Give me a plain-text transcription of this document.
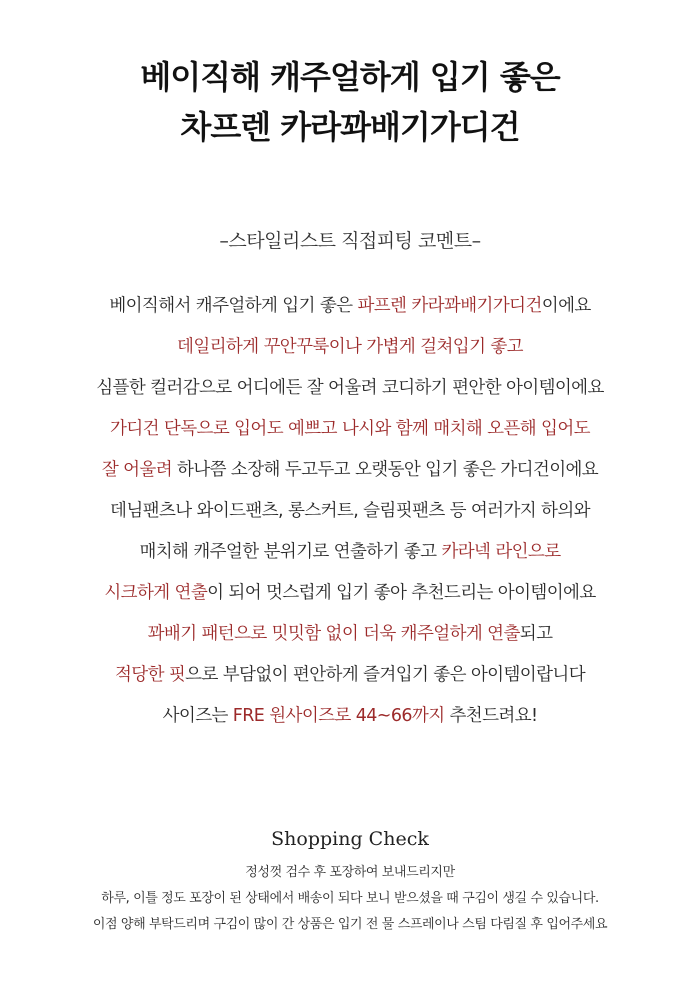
베이직해 캐주얼하게 입기 좋은
차프렌 카라꽈배기가디건
–스타일리스트 직접피팅 코멘트–
베이직해서 캐주얼하게 입기 좋은 파프렌 카라꽈배기가디건이에요
데일리하게 꾸안꾸룩이나 가볍게 걸쳐입기 좋고
심플한 컬러감으로 어디에든 잘 어울려 코디하기 편안한 아이템이에요
가디건 단독으로 입어도 예쁘고 나시와 함께 매치해 오픈해 입어도
잘 어울려 하나쯤 소장해 두고두고 오랫동안 입기 좋은 가디건이에요
데님팬츠나 와이드팬츠, 롱스커트, 슬림핏팬츠 등 여러가지 하의와
매치해 캐주얼한 분위기로 연출하기 좋고 카라넥 라인으로
시크하게 연출이 되어 멋스럽게 입기 좋아 추천드리는 아이템이에요
꽈배기 패턴으로 밋밋함 없이 더욱 캐주얼하게 연출되고
적당한 핏으로 부담없이 편안하게 즐겨입기 좋은 아이템이랍니다
사이즈는 FRE 원사이즈로 44~66까지 추천드려요!
Shopping Check
정성껏 검수 후 포장하여 보내드리지만
하루, 이틀 정도 포장이 된 상태에서 배송이 되다 보니 받으셨을 때 구김이 생길 수 있습니다.
이점 양해 부탁드리며 구김이 많이 간 상품은 입기 전 물 스프레이나 스팀 다림질 후 입어주세요
